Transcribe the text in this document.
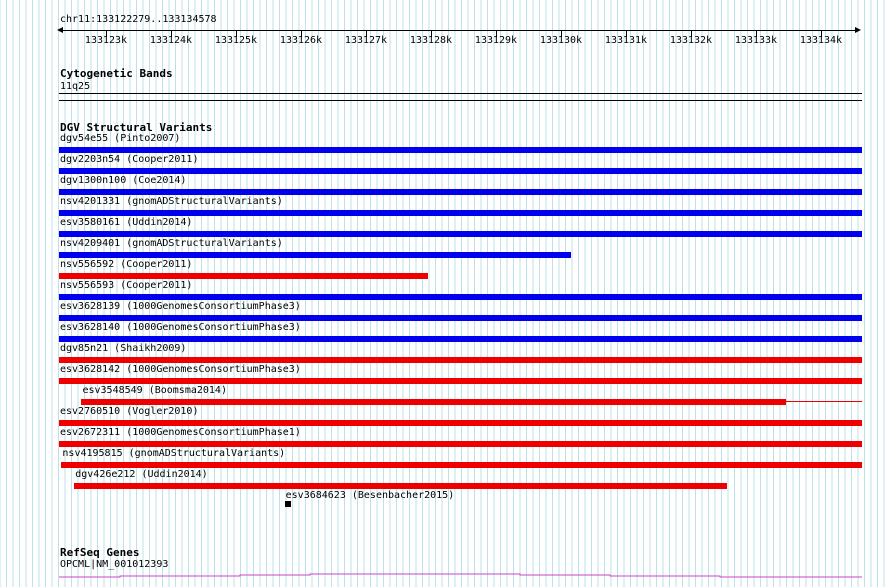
chr11:133122279..133134578
133123k 133124k 133125k 133126k 133127k 133128k 133129k 133130k 133131k 133132k 133133k 133134k
Cytogenetic Bands
11q25
DGV Structural Variants
dgv54e55 (Pinto2007)
dgv2203n54 (Cooper2011)
dgv1300n100 (Coe2014)
nsv4201331 (gnomADStructuralVariants)
esv3580161 (Uddin2014)
nsv4209401 (gnomADStructuralVariants)
nsv556592 (Cooper2011)
nsv556593 (Cooper2011)
esv3628139 (1000GenomesConsortiumPhase3)
esv3628140 (1000GenomesConsortiumPhase3)
dgv85n21 (Shaikh2009)
esv3628142 (1000GenomesConsortiumPhase3)
esv3548549 (Boomsma2014)
esv2760510 (Vogler2010)
esv2672311 (1000GenomesConsortiumPhase1)
nsv4195815 (gnomADStructuralVariants)
dgv426e212 (Uddin2014)
esv3684623 (Besenbacher2015)
RefSeq Genes
OPCML|NM_001012393
